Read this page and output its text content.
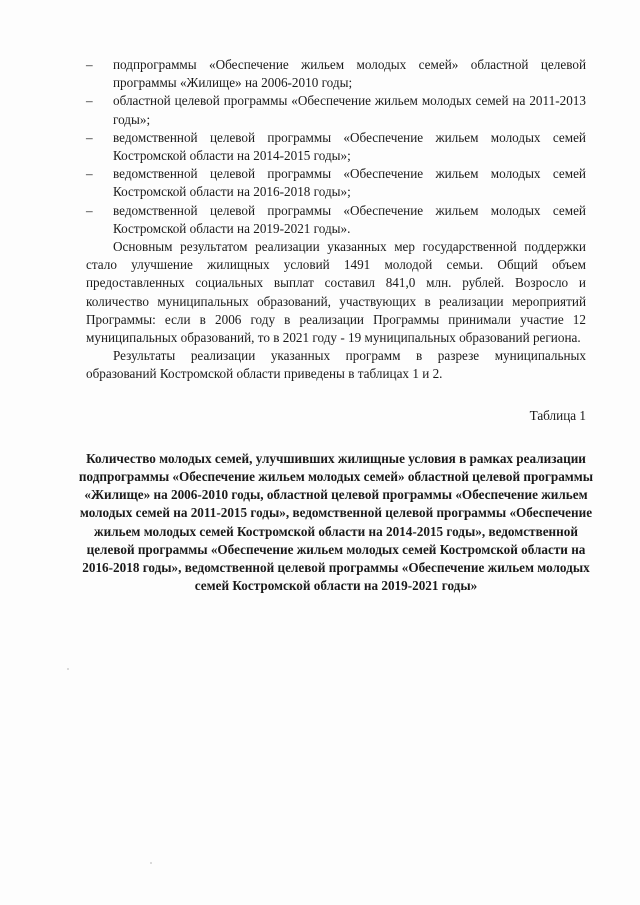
– подпрограммы «Обеспечение жильем молодых семей» областной целевой программы «Жилище» на 2006-2010 годы;
– областной целевой программы «Обеспечение жильем молодых семей на 2011-2013 годы»;
– ведомственной целевой программы «Обеспечение жильем молодых семей Костромской области на 2014-2015 годы»;
– ведомственной целевой программы «Обеспечение жильем молодых семей Костромской области на 2016-2018 годы»;
– ведомственной целевой программы «Обеспечение жильем молодых семей Костромской области на 2019-2021 годы».

Основным результатом реализации указанных мер государственной поддержки стало улучшение жилищных условий 1491 молодой семьи. Общий объем предоставленных социальных выплат составил 841,0 млн. рублей. Возросло и количество муниципальных образований, участвующих в реализации мероприятий Программы: если в 2006 году в реализации Программы принимали участие 12 муниципальных образований, то в 2021 году - 19 муниципальных образований региона.

Результаты реализации указанных программ в разрезе муниципальных образований Костромской области приведены в таблицах 1 и 2.

Таблица 1

Количество молодых семей, улучшивших жилищные условия в рамках реализации подпрограммы «Обеспечение жильем молодых семей» областной целевой программы «Жилище» на 2006-2010 годы, областной целевой программы «Обеспечение жильем молодых семей на 2011-2015 годы», ведомственной целевой программы «Обеспечение жильем молодых семей Костромской области на 2014-2015 годы», ведомственной целевой программы «Обеспечение жильем молодых семей Костромской области на 2016-2018 годы», ведомственной целевой программы «Обеспечение жильем молодых семей Костромской области на 2019-2021 годы»
